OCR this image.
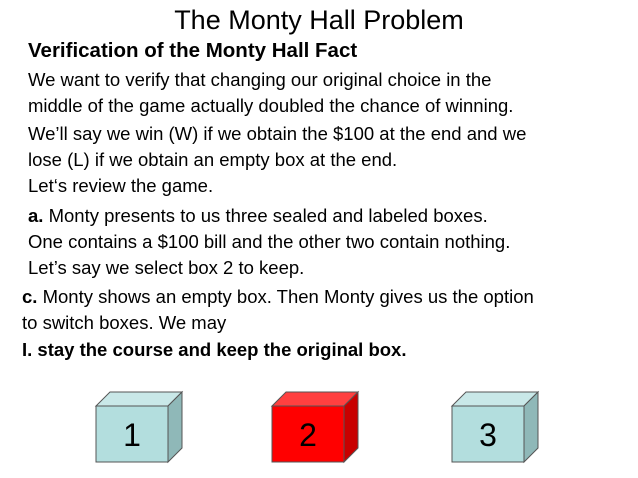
The Monty Hall Problem
Verification of the Monty Hall Fact
We want to verify that changing our original choice in the
middle of the game actually doubled the chance of winning.
We’ll say we win (W) if we obtain the $100 at the end and we
lose (L) if we obtain an empty box at the end.
Let‘s review the game.
a. Monty presents to us three sealed and labeled boxes.
One contains a $100 bill and the other two contain nothing.
Let’s say we select box 2 to keep.
c. Monty shows an empty box. Then Monty gives us the option
to switch boxes. We may
I. stay the course and keep the original box.
1	2	3
